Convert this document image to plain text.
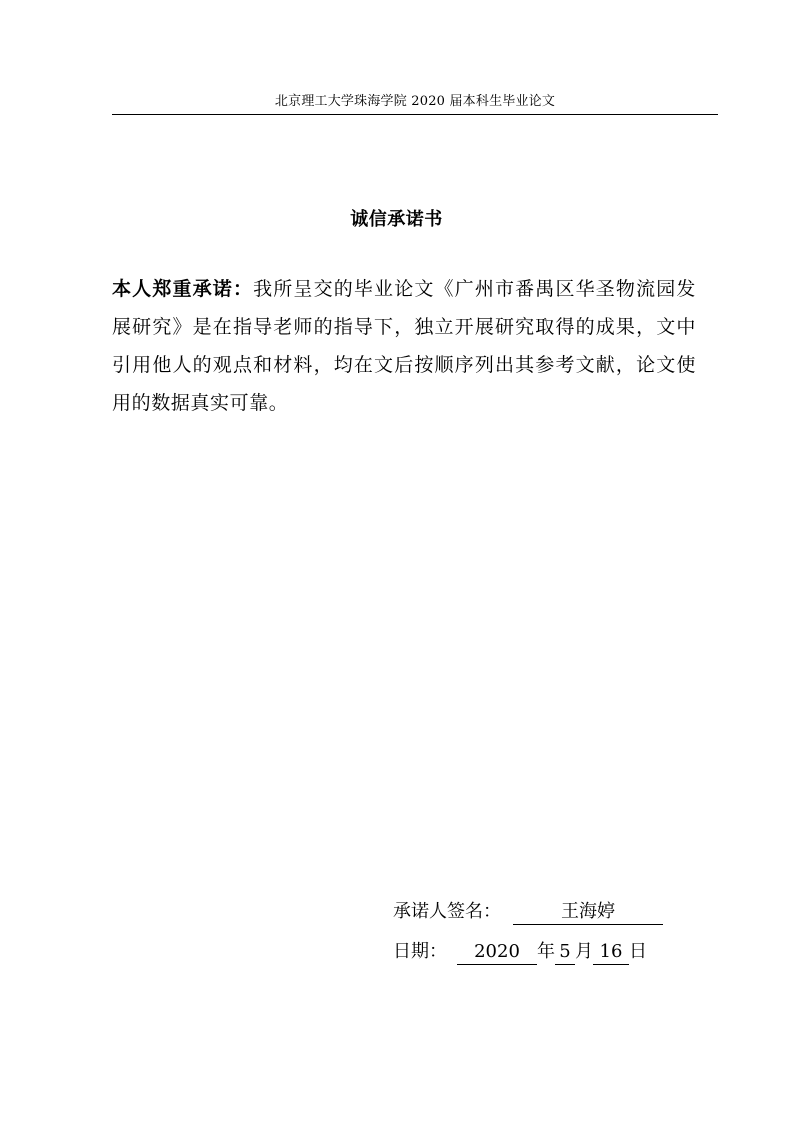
北京理工大学珠海学院 2020 届本科生毕业论文
诚信承诺书

本人郑重承诺：我所呈交的毕业论文《广州市番禺区华圣物流园发展研究》是在指导老师的指导下，独立开展研究取得的成果，文中引用他人的观点和材料，均在文后按顺序列出其参考文献，论文使用的数据真实可靠。

承诺人签名：	王海婷
日期： 2020 年 5 月 16 日
